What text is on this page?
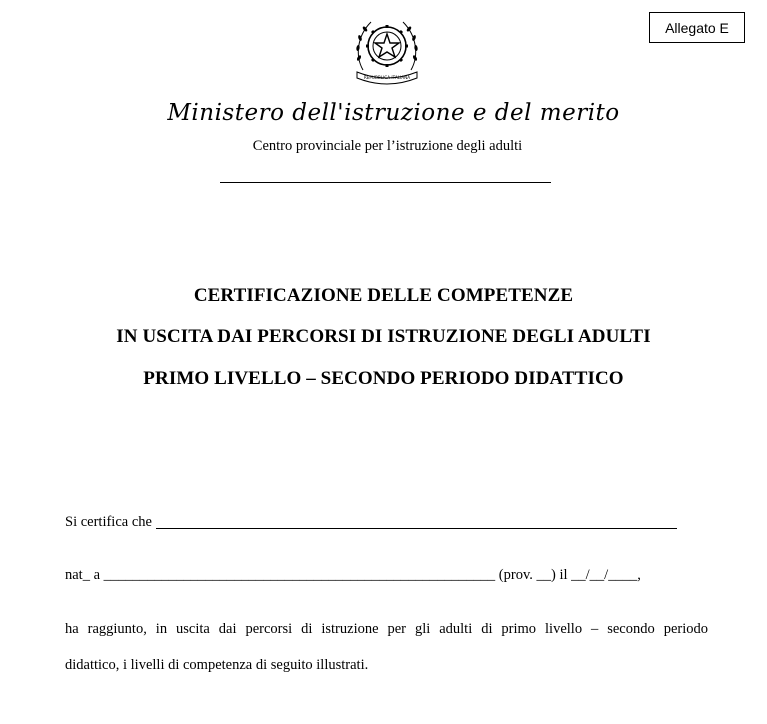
Allegato E
REPUBBLICA ITALIANA
Ministero dell'istruzione e del merito
Centro provinciale per l’istruzione degli adulti
CERTIFICAZIONE DELLE COMPETENZE
IN USCITA DAI PERCORSI DI ISTRUZIONE DEGLI ADULTI
PRIMO LIVELLO – SECONDO PERIODO DIDATTICO
Si certifica che
nat_ a ______________________________________________________ (prov. __) il __/__/____,
ha raggiunto, in uscita dai percorsi di istruzione per gli adulti di primo livello – secondo periodo
didattico, i livelli di competenza di seguito illustrati.
